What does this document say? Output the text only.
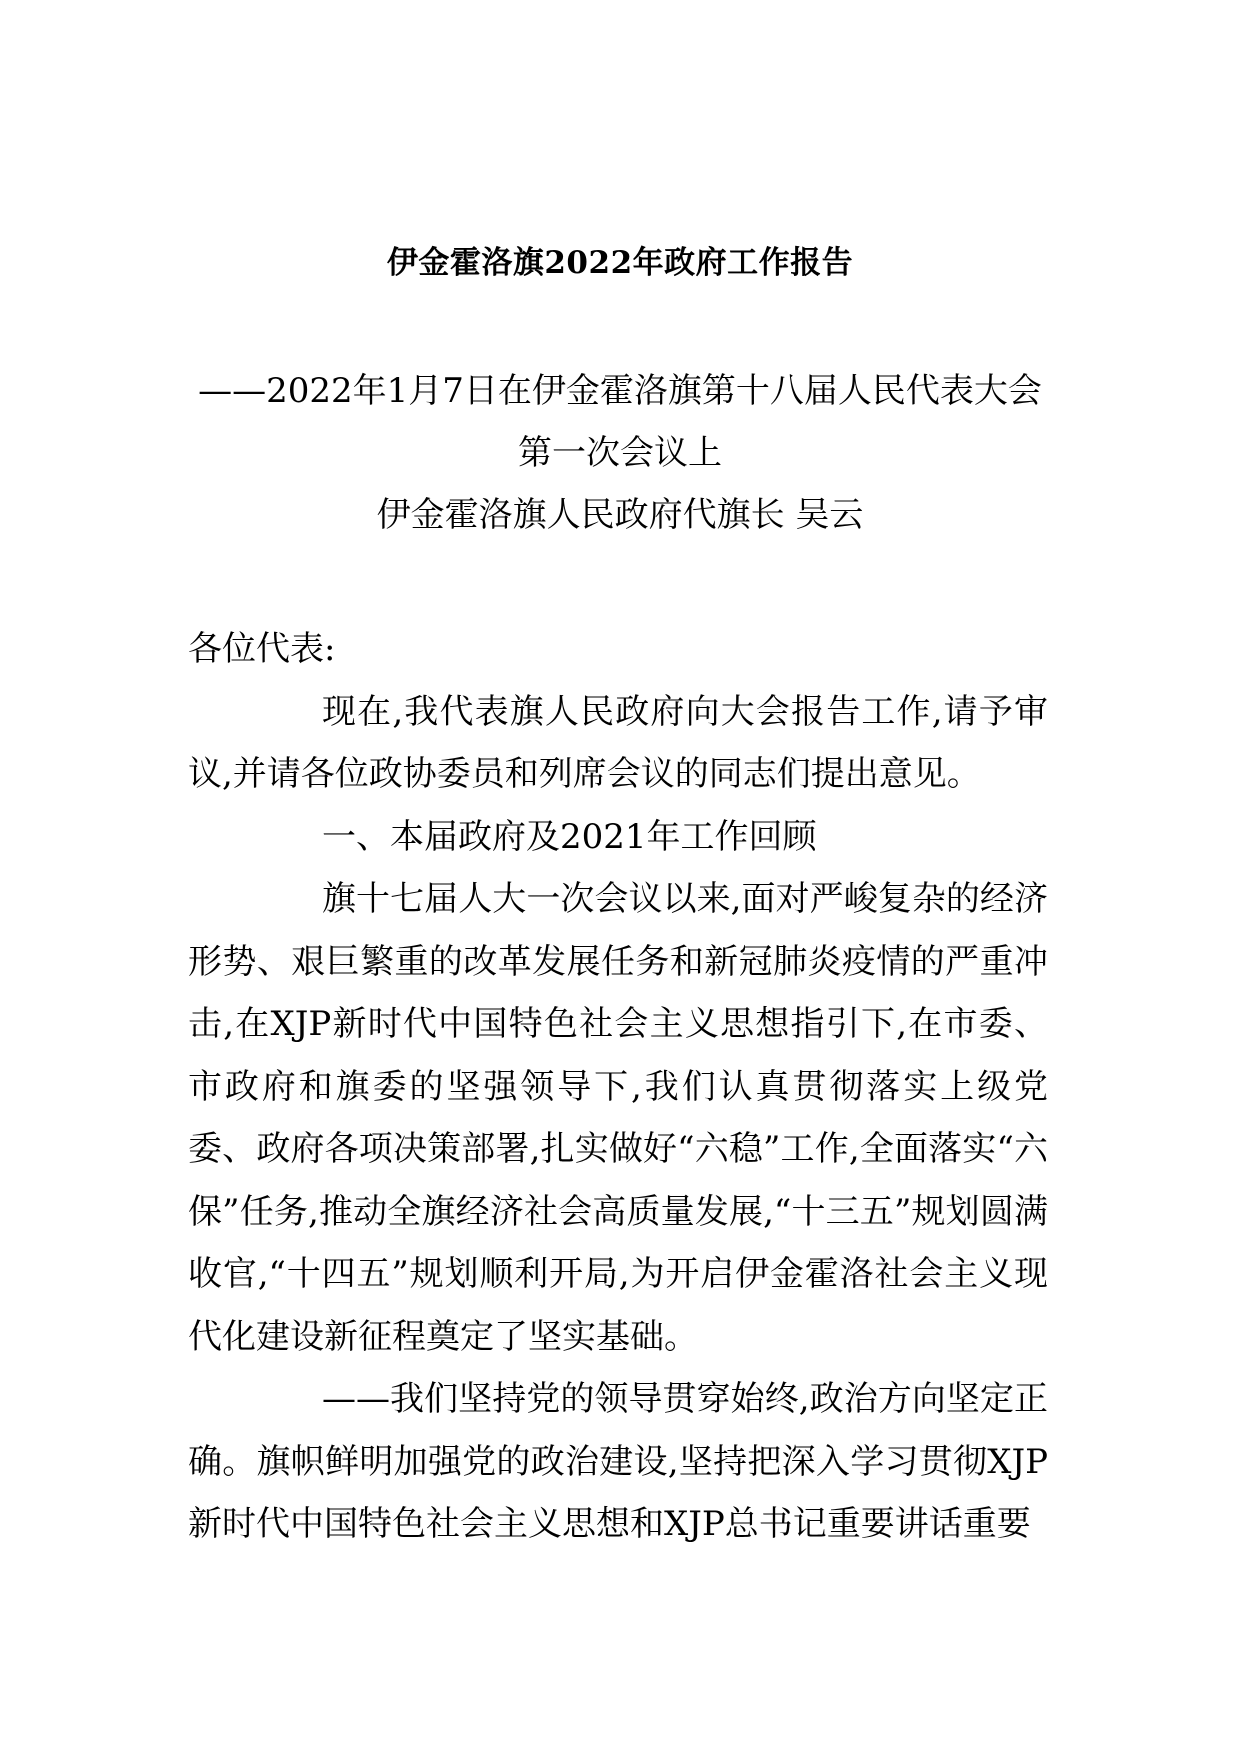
伊金霍洛旗2022年政府工作报告
——2022年1月7日在伊金霍洛旗第十八届人民代表大会
第一次会议上
伊金霍洛旗人民政府代旗长 吴云

各位代表:

现在,我代表旗人民政府向大会报告工作,请予审议,并请各位政协委员和列席会议的同志们提出意见。

一、本届政府及2021年工作回顾

旗十七届人大一次会议以来,面对严峻复杂的经济形势、艰巨繁重的改革发展任务和新冠肺炎疫情的严重冲击,在XJP新时代中国特色社会主义思想指引下,在市委、市政府和旗委的坚强领导下,我们认真贯彻落实上级党委、政府各项决策部署,扎实做好“六稳”工作,全面落实“六保”任务,推动全旗经济社会高质量发展,“十三五”规划圆满收官,“十四五”规划顺利开局,为开启伊金霍洛社会主义现代化建设新征程奠定了坚实基础。

——我们坚持党的领导贯穿始终,政治方向坚定正确。旗帜鲜明加强党的政治建设,坚持把深入学习贯彻XJP新时代中国特色社会主义思想和XJP总书记重要讲话重要
